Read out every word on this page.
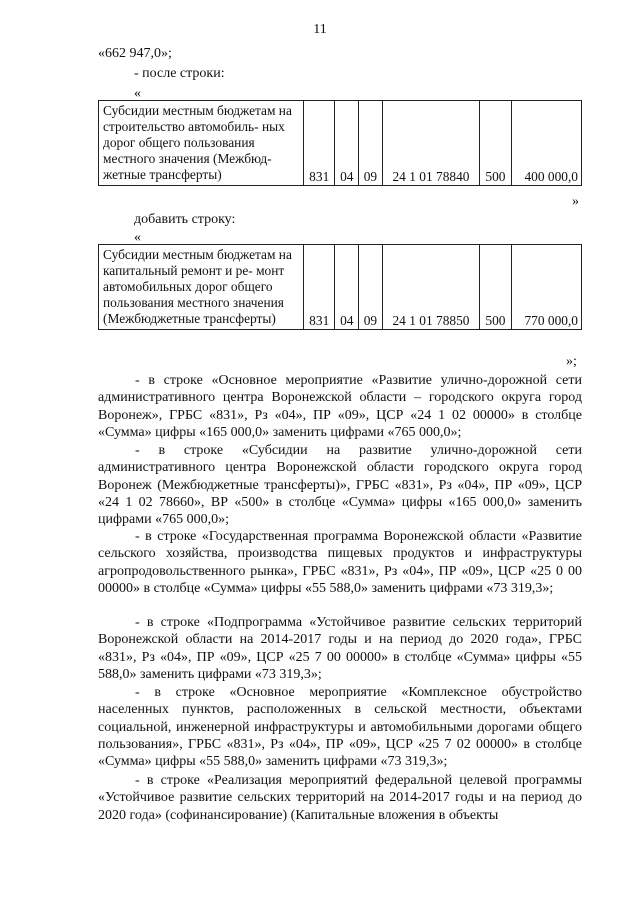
11
«662 947,0»;
- после строки:
«
Субсидии местным бюджетам на строительство автомобиль- ных дорог общего пользования местного значения (Межбюд- жетные трансферты)	831	04	09	24 1 01 78840	500	400 000,0
»
добавить строку:
«
Субсидии местным бюджетам на капитальный ремонт и ре- монт автомобильных дорог общего пользования местного значения (Межбюджетные трансферты)	831	04	09	24 1 01 78850	500	770 000,0
»;

- в строке «Основное мероприятие «Развитие улично-дорожной сети административного центра Воронежской области – городского округа город Воронеж», ГРБС «831», Рз «04», ПР «09», ЦСР «24 1 02 00000» в столбце «Сумма» цифры «165 000,0» заменить цифрами «765 000,0»;

- в строке «Субсидии на развитие улично-дорожной сети административного центра Воронежской области городского округа город Воронеж (Межбюджетные трансферты)», ГРБС «831», Рз «04», ПР «09», ЦСР «24 1 02 78660», ВР «500» в столбце «Сумма» цифры «165 000,0» заменить цифрами «765 000,0»;

- в строке «Государственная программа Воронежской области «Развитие сельского хозяйства, производства пищевых продуктов и инфраструктуры агропродовольственного рынка», ГРБС «831», Рз «04», ПР «09», ЦСР «25 0 00 00000» в столбце «Сумма» цифры «55 588,0» заменить цифрами «73 319,3»;

- в строке «Подпрограмма «Устойчивое развитие сельских территорий Воронежской области на 2014-2017 годы и на период до 2020 года», ГРБС «831», Рз «04», ПР «09», ЦСР «25 7 00 00000» в столбце «Сумма» цифры «55 588,0» заменить цифрами «73 319,3»;

- в строке «Основное мероприятие «Комплексное обустройство населенных пунктов, расположенных в сельской местности, объектами социальной, инженерной инфраструктуры и автомобильными дорогами общего пользования», ГРБС «831», Рз «04», ПР «09», ЦСР «25 7 02 00000» в столбце «Сумма» цифры «55 588,0» заменить цифрами «73 319,3»;

- в строке «Реализация мероприятий федеральной целевой программы «Устойчивое развитие сельских территорий на 2014-2017 годы и на период до 2020 года» (софинансирование) (Капитальные вложения в объекты
